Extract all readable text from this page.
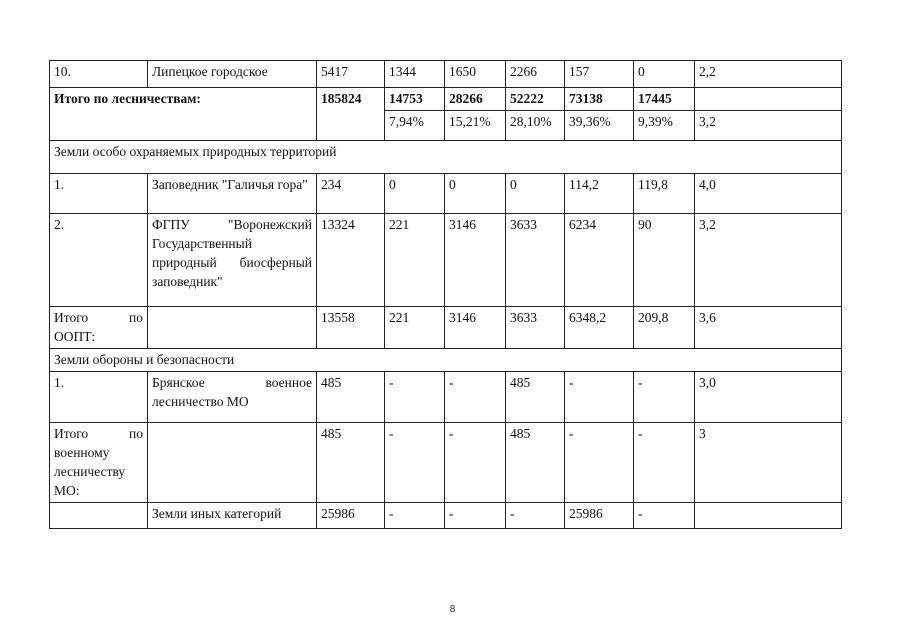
10.	Липецкое городское	5417	1344	1650	2266	157	0	2,2
Итого по лесничествам:		185824	14753	28266	52222	73138	17445	
			7,94%	15,21%	28,10%	39,36%	9,39%	3,2
Земли особо охраняемых природных территорий								
1.	Заповедник "Галичья гора"	234	0	0	0	114,2	119,8	4,0
2.	ФГПУ "Воронежский Государственный природный биосферный заповедник"	13324	221	3146	3633	6234	90	3,2
Итого по ООПТ:		13558	221	3146	3633	6348,2	209,8	3,6
Земли обороны и безопасности								
1.	Брянское военное лесничество МО	485	-	-	485	-	-	3,0
Итого по военному лесничеству МО:		485	-	-	485	-	-	3
	Земли иных категорий	25986	-	-	-	25986	-	
8
